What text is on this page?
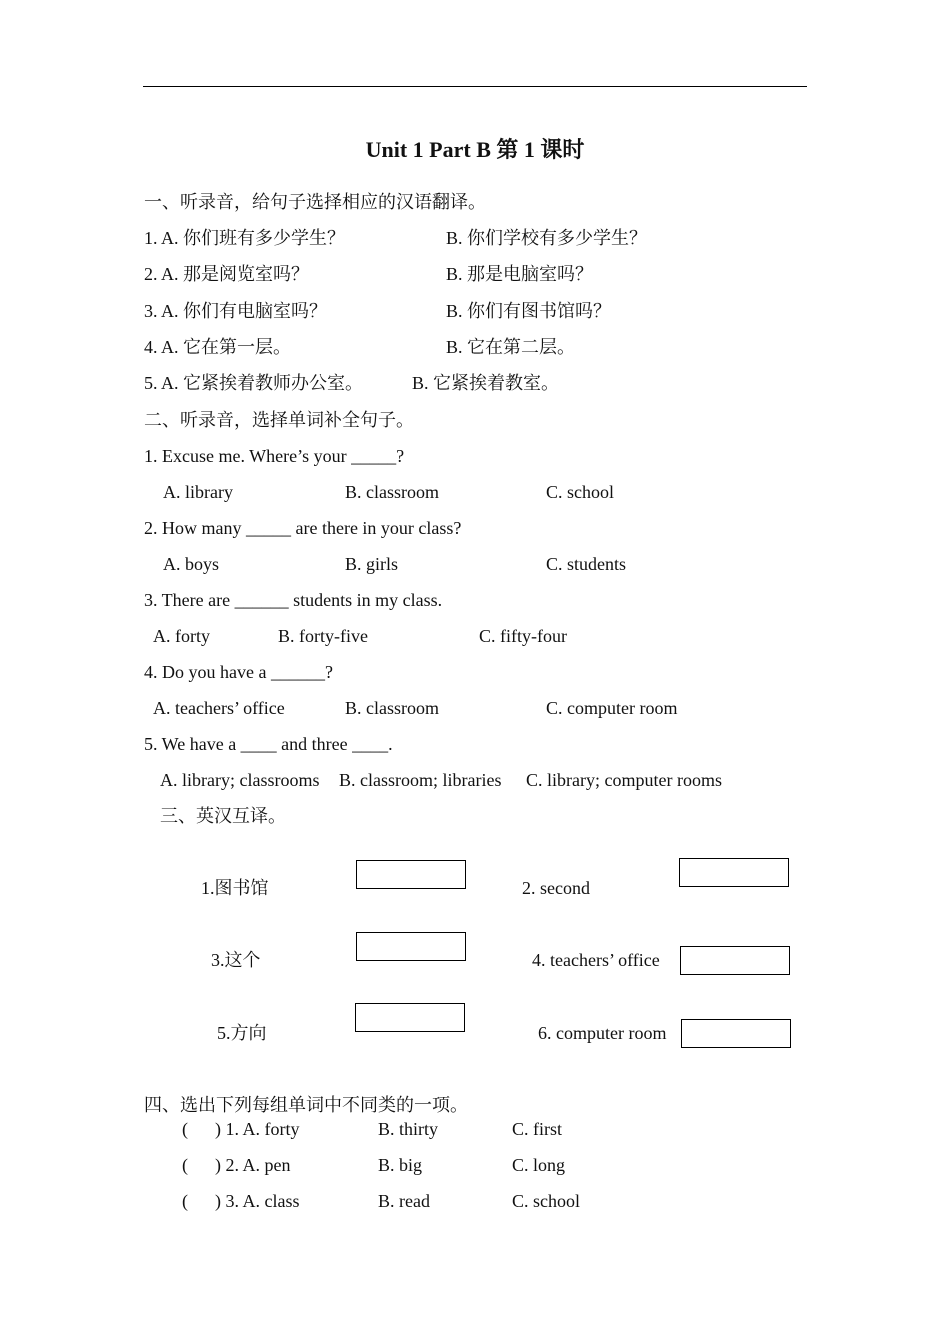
Unit 1 Part B 第 1 课时
一、听录音，给句子选择相应的汉语翻译。
1. A. 你们班有多少学生？	B. 你们学校有多少学生？
2. A. 那是阅览室吗？	B. 那是电脑室吗？
3. A. 你们有电脑室吗？	B. 你们有图书馆吗？
4. A. 它在第一层。	B. 它在第二层。
5. A. 它紧挨着教师办公室。	B. 它紧挨着教室。
二、听录音，选择单词补全句子。
1. Excuse me. Where’s your _____?
A. library	B. classroom	C. school
2. How many _____ are there in your class?
A. boys	B. girls	C. students
3. There are ______ students in my class.
A. forty	B. forty-five	C. fifty-four
4. Do you have a ______?
A. teachers’ office	B. classroom	C. computer room
5. We have a ____ and three ____.
A. library; classrooms B. classroom; libraries C. library; computer rooms
三、英汉互译。
1.图书馆	2. second
3.这个	4. teachers’ office
5.方向	6. computer room
四、选出下列每组单词中不同类的一项。
(      ) 1. A. forty	B. thirty	C. first
(      ) 2. A. pen	B. big	C. long
(      ) 3. A. class	B. read	C. school
